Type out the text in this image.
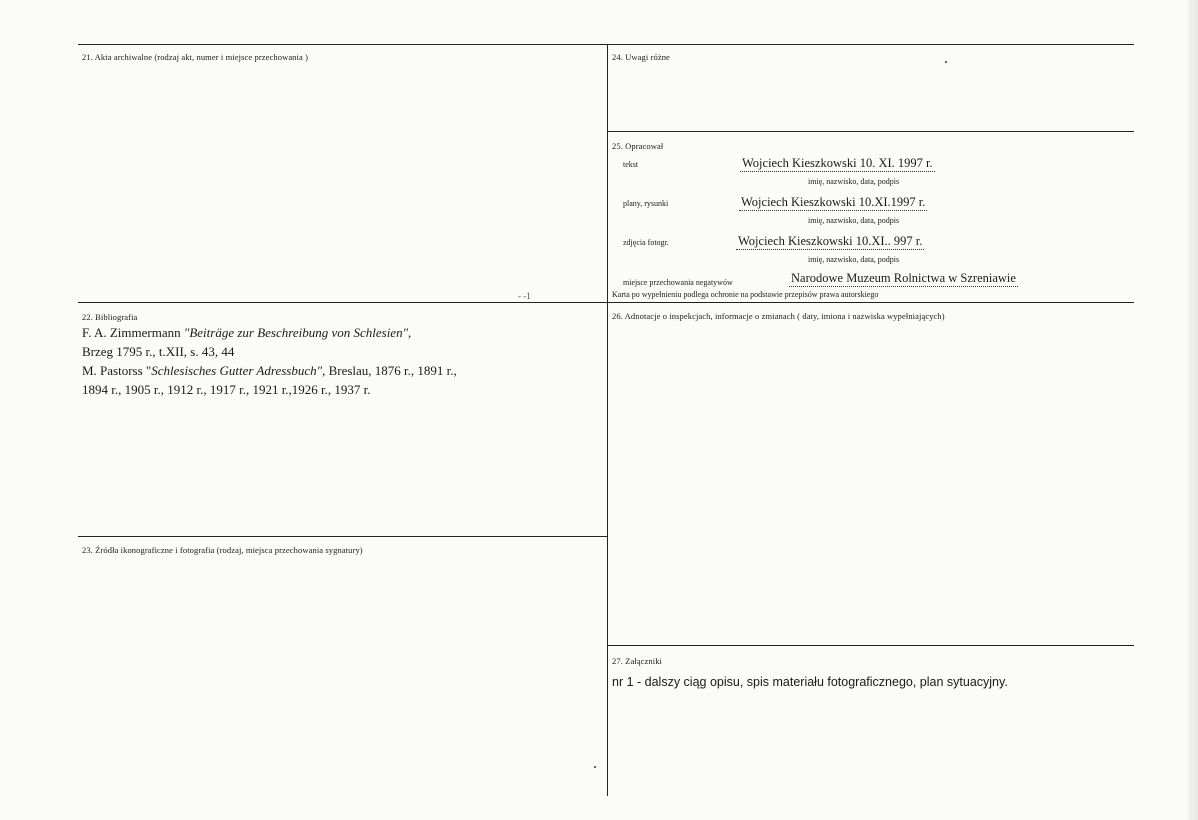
21. Akta archiwalne (rodzaj akt, numer i miejsce przechowania )
- -1
22. Bibliografia
F. A. Zimmermann "Beiträge zur Beschreibung von Schlesien",
Brzeg 1795 r., t.XII, s. 43, 44
M. Pastorss "Schlesisches Gutter Adressbuch", Breslau, 1876 r., 1891 r.,
1894 r., 1905 r., 1912 r., 1917 r., 1921 r.,1926 r., 1937 r.
23. Źródła ikonograficzne i fotografia (rodzaj, miejsca przechowania sygnatury)
24. Uwagi różne
25. Opracował
tekst	Wojciech Kieszkowski 10. XI. 1997 r.
imię, nazwisko, data, podpis
plany, rysunki	Wojciech Kieszkowski 10.XI.1997 r.
imię, nazwisko, data, podpis
zdjęcia fotogr.	Wojciech Kieszkowski 10.XI.. 997 r.
imię, nazwisko, data, podpis
miejsce przechowania negatywów	Narodowe Muzeum Rolnictwa w Szreniawie
Karta po wypełnieniu podlega ochronie na podstawie przepisów prawa autorskiego
26. Adnotacje o inspekcjach, informacje o zmianach ( daty, imiona i nazwiska wypełniających)
27. Załączniki
nr 1 - dalszy ciąg opisu, spis materiału fotograficznego, plan sytuacyjny.
